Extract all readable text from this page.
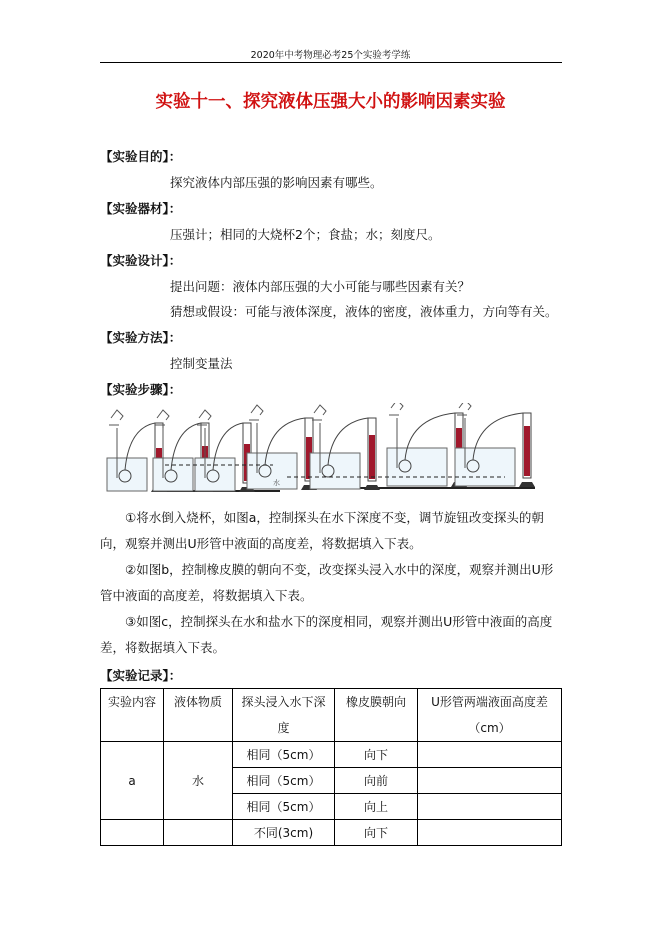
2020年中考物理必考25个实验考学练
实验十一、探究液体压强大小的影响因素实验
【实验目的】：
探究液体内部压强的影响因素有哪些。
【实验器材】：
压强计；相同的大烧杯2个；食盐；水；刻度尺。
【实验设计】：
提出问题：液体内部压强的大小可能与哪些因素有关？
猜想或假设：可能与液体深度，液体的密度，液体重力，方向等有关。
【实验方法】：
控制变量法
【实验步骤】：
水
①将水倒入烧杯，如图a，控制探头在水下深度不变，调节旋钮改变探头的朝向，观察并测出U形管中液面的高度差，将数据填入下表。
②如图b，控制橡皮膜的朝向不变，改变探头浸入水中的深度，观察并测出U形管中液面的高度差，将数据填入下表。
③如图c，控制探头在水和盐水下的深度相同，观察并测出U形管中液面的高度差，将数据填入下表。
【实验记录】：
实验内容	液体物质	探头浸入水下深度	橡皮膜朝向	U形管两端液面高度差（cm）
a	水	相同（5cm）	向下	
		相同（5cm）	向前	
		相同（5cm）	向上	
		不同(3cm)	向下	
